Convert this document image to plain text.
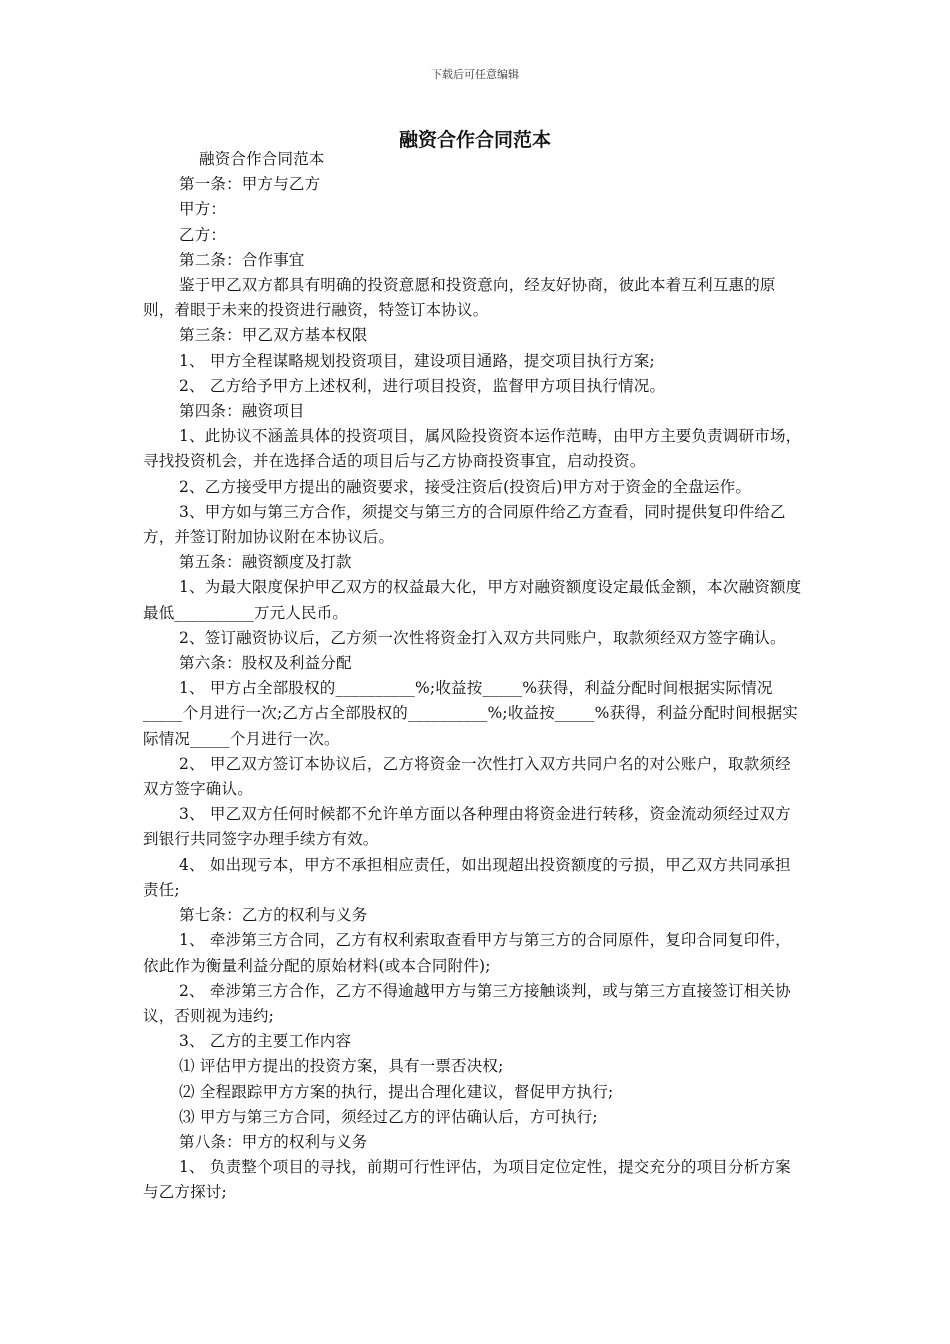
下载后可任意编辑
融资合作合同范本

融资合作合同范本

第一条：甲方与乙方

甲方：

乙方：

第二条：合作事宜

鉴于甲乙双方都具有明确的投资意愿和投资意向，经友好协商，彼此本着互利互惠的原则，着眼于未来的投资进行融资，特签订本协议。

第三条：甲乙双方基本权限

1、 甲方全程谋略规划投资项目，建设项目通路，提交项目执行方案;

2、 乙方给予甲方上述权利，进行项目投资，监督甲方项目执行情况。

第四条：融资项目

1、此协议不涵盖具体的投资项目，属风险投资资本运作范畴，由甲方主要负责调研市场，寻找投资机会，并在选择合适的项目后与乙方协商投资事宜，启动投资。

2、乙方接受甲方提出的融资要求，接受注资后(投资后)甲方对于资金的全盘运作。

3、甲方如与第三方合作，须提交与第三方的合同原件给乙方查看，同时提供复印件给乙方，并签订附加协议附在本协议后。

第五条：融资额度及打款

1、为最大限度保护甲乙双方的权益最大化，甲方对融资额度设定最低金额，本次融资额度最低__________万元人民币。

2、签订融资协议后，乙方须一次性将资金打入双方共同账户，取款须经双方签字确认。

第六条：股权及利益分配

1、 甲方占全部股权的__________%;收益按_____%获得，利益分配时间根据实际情况_____个月进行一次;乙方占全部股权的__________%;收益按_____%获得，利益分配时间根据实际情况_____个月进行一次。

2、 甲乙双方签订本协议后，乙方将资金一次性打入双方共同户名的对公账户，取款须经双方签字确认。

3、 甲乙双方任何时候都不允许单方面以各种理由将资金进行转移，资金流动须经过双方到银行共同签字办理手续方有效。

4、 如出现亏本，甲方不承担相应责任，如出现超出投资额度的亏损，甲乙双方共同承担责任;

第七条：乙方的权利与义务

1、 牵涉第三方合同，乙方有权利索取查看甲方与第三方的合同原件，复印合同复印件，依此作为衡量利益分配的原始材料(或本合同附件);

2、 牵涉第三方合作，乙方不得逾越甲方与第三方接触谈判，或与第三方直接签订相关协议，否则视为违约;

3、 乙方的主要工作内容

⑴ 评估甲方提出的投资方案，具有一票否决权;

⑵ 全程跟踪甲方方案的执行，提出合理化建议，督促甲方执行;

⑶ 甲方与第三方合同，须经过乙方的评估确认后，方可执行;

第八条：甲方的权利与义务

1、 负责整个项目的寻找，前期可行性评估，为项目定位定性，提交充分的项目分析方案与乙方探讨;
